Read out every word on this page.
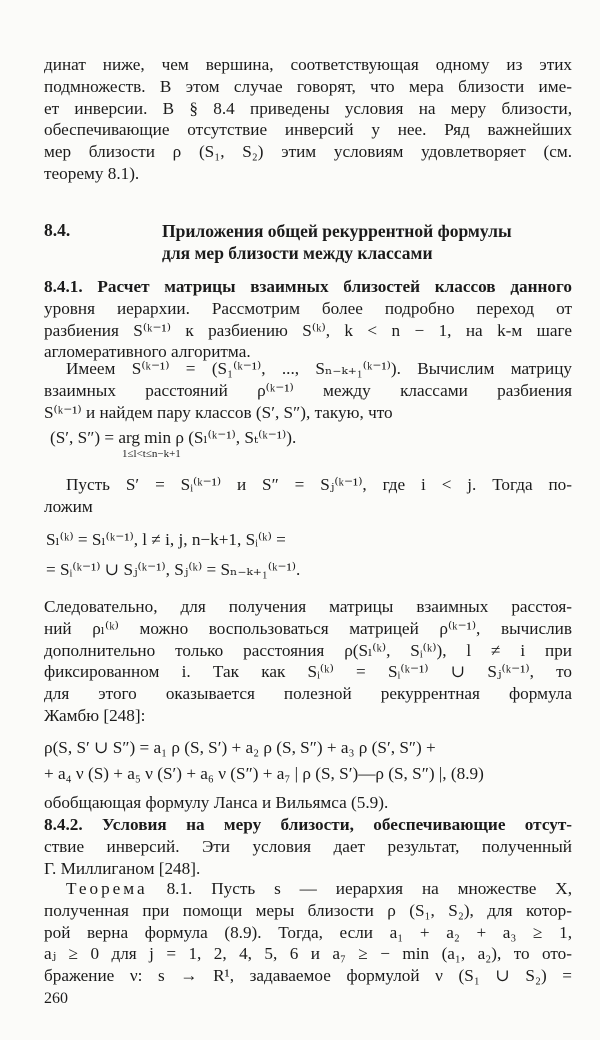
динат ниже, чем вершина, соответствующая одному из этих
подмножеств. В этом случае говорят, что мера близости име-
ет инверсии. В § 8.4 приведены условия на меру близости,
обеспечивающие отсутствие инверсий у нее. Ряд важнейших
мер близости ρ (S₁, S₂) этим условиям удовлетворяет (см.
теорему 8.1).
8.4.	Приложения общей рекуррентной формулы
для мер близости между классами
8.4.1. Расчет матрицы взаимных близостей классов данного
уровня иерархии. Рассмотрим более подробно переход от
разбиения S⁽ᵏ⁻¹⁾ к разбиению S⁽ᵏ⁾, k < n − 1, на k-м шаге
агломеративного алгоритма.
Имеем S⁽ᵏ⁻¹⁾ = (S₁⁽ᵏ⁻¹⁾, ..., Sₙ₋ₖ₊₁⁽ᵏ⁻¹⁾). Вычислим матрицу
взаимных расстояний ρ⁽ᵏ⁻¹⁾ между классами разбиения
S⁽ᵏ⁻¹⁾ и найдем пару классов (S′, S″), такую, что
(S′, S″) = arg min ρ (Sₗ⁽ᵏ⁻¹⁾, Sₜ⁽ᵏ⁻¹⁾).
1≤l<t≤n−k+1
Пусть S′ = Sᵢ⁽ᵏ⁻¹⁾ и S″ = Sⱼ⁽ᵏ⁻¹⁾, где i < j. Тогда по-
ложим
Sₗ⁽ᵏ⁾ = Sₗ⁽ᵏ⁻¹⁾, l ≠ i, j, n−k+1, Sᵢ⁽ᵏ⁾ =
= Sᵢ⁽ᵏ⁻¹⁾ ∪ Sⱼ⁽ᵏ⁻¹⁾, Sⱼ⁽ᵏ⁾ = Sₙ₋ₖ₊₁⁽ᵏ⁻¹⁾.
Следовательно, для получения матрицы взаимных расстоя-
ний ρₗ⁽ᵏ⁾ можно воспользоваться матрицей ρ⁽ᵏ⁻¹⁾, вычислив
дополнительно только расстояния ρ(Sₗ⁽ᵏ⁾, Sᵢ⁽ᵏ⁾), l ≠ i при
фиксированном i. Так как Sᵢ⁽ᵏ⁾ = Sᵢ⁽ᵏ⁻¹⁾ ∪ Sⱼ⁽ᵏ⁻¹⁾, то
для этого оказывается полезной рекуррентная формула
Жамбю [248]:
ρ(S, S′ ∪ S″) = a₁ ρ (S, S′) + a₂ ρ (S, S″) + a₃ ρ (S′, S″) +
+ a₄ ν (S) + a₅ ν (S′) + a₆ ν (S″) + a₇ | ρ (S, S′)—ρ (S, S″) |, (8.9)
обобщающая формулу Ланса и Вильямса (5.9).
8.4.2. Условия на меру близости, обеспечивающие отсут-
ствие инверсий. Эти условия дает результат, полученный
Г. Миллиганом [248].
Теорема 8.1. Пусть s — иерархия на множестве X,
полученная при помощи меры близости ρ (S₁, S₂), для котор-
рой верна формула (8.9). Тогда, если a₁ + a₂ + a₃ ≥ 1,
aⱼ ≥ 0 для j = 1, 2, 4, 5, 6 и a₇ ≥ − min (a₁, a₂), то ото-
бражение ν: s → R¹, задаваемое формулой ν (S₁ ∪ S₂) =
260
